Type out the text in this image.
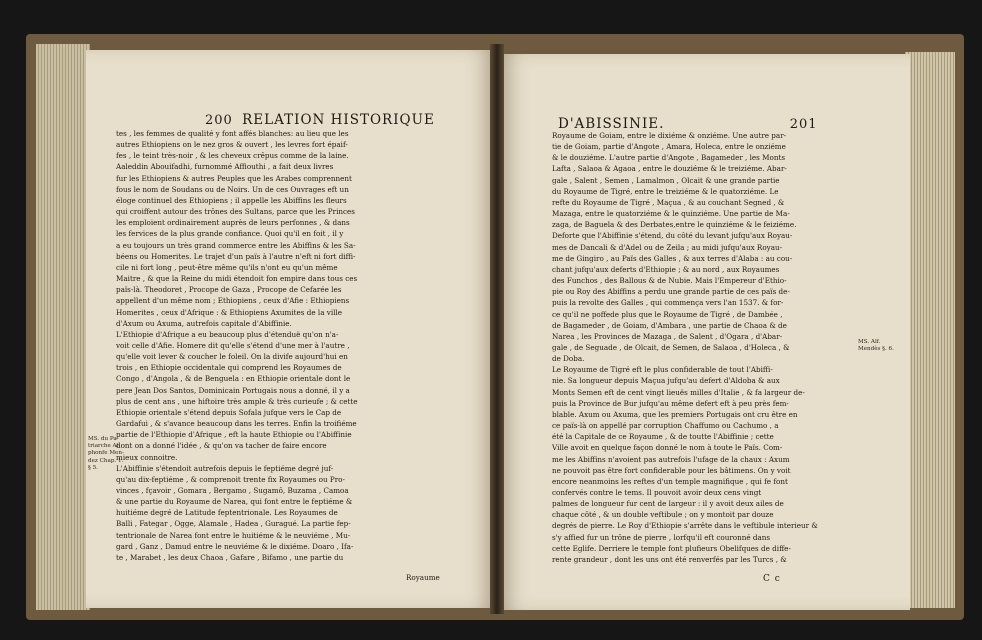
200 RELATION HISTORIQUE
tes , les femmes de qualité y font affés blanches: au lieu que les
autres Ethiopiens on le nez gros & ouvert , les levres fort épaif-
fes , le teint très-noir , & les cheveux crêpus comme de la laine.
Aaleddin Abouifadhi, furnommé Affiouthi , a fait deux livres
fur les Ethiopiens & autres Peuples que les Arabes comprennent
fous le nom de Soudans ou de Noirs. Un de ces Ouvrages eft un
éloge continuel des Ethiopiens ; il appelle les Abiffins les fleurs
qui croiffent autour des trônes des Sultans, parce que les Princes
les emploient ordinairement auprès de leurs perfonnes , & dans
les fervices de la plus grande confiance. Quoi qu'il en foit , il y
a eu toujours un très grand commerce entre les Abiffins & les Sa-
béens ou Homerites. Le trajet d'un païs à l'autre n'eft ni fort diffi-
cile ni fort long , peut-être même qu'ils n'ont eu qu'un même
Maitre , & que la Reine du midi étendoit fon empire dans tous ces
païs-là. Theodoret , Procope de Gaza , Procope de Cefarée les
appellent d'un même nom ; Ethiopiens , ceux d'Afie : Ethiopiens
Homerites , ceux d'Afrique : & Ethiopiens Axumites de la ville
d'Axum ou Axuma, autrefois capitale d'Abiffinie.
L'Ethiopie d'Afrique a eu beaucoup plus d'étenduë qu'on n'a-
voit celle d'Afie. Homere dit qu'elle s'étend d'une mer à l'autre ,
qu'elle voit lever & coucher le foleil. On la divife aujourd'hui en
trois , en Ethiopie occidentale qui comprend les Royaumes de
Congo , d'Angola , & de Benguela : en Ethiopie orientale dont le
pere Jean Dos Santos, Dominicain Portugais nous a donné, il y a
plus de cent ans , une hiftoire très ample & très curieufe ; & cette
Ethiopie orientale s'étend depuis Sofala jufque vers le Cap de
Gardafui , & s'avance beaucoup dans les terres. Enfin la troifiéme
partie de l'Ethiopie d'Afrique , eft la haute Ethiopie ou l'Abiffinie
dont on a donné l'idée , & qu'on va tacher de faire encore
mieux connoitre.
L'Abiffinie s'étendoit autrefois depuis le feptiéme degré juf-
qu'au dix-feptiéme , & comprenoit trente fix Royaumes ou Pro-
vinces , fçavoir , Gomara , Bergamo , Sugamô, Buzama , Camoa
& une partie du Royaume de Narea, qui font entre le feptiéme &
huitiéme degré de Latitude feptentrionale. Les Royaumes de
Balli , Fategar , Ogge, Alamale , Hadea , Guragué. La partie fep-
tentrionale de Narea font entre le huitiéme & le neuviéme , Mu-
gard , Ganz , Damud entre le neuviéme & le dixiéme. Doaro , Ifa-
te , Marabet , les deux Chaoa , Gafare , Bifamo , une partie du
MS. du Pa-
triarche Al-
phonfe Men-
dez Chap. 1.
§ 5.
Royaume
D'ABISSINIE.	201
Royaume de Goiam, entre le dixiéme & onziéme. Une autre par-
tie de Goiam, partie d'Angote , Amara, Holeca, entre le onziéme
& le douziéme. L'autre partie d'Angote , Bagameder , les Monts
Lafta , Salaoa & Agaoa , entre le douziéme & le treiziéme. Abar-
gale , Salent , Semen , Lamalmon , Olcait & une grande partie
du Royaume de Tigré, entre le treiziéme & le quatorziéme. Le
refte du Royaume de Tigré , Maçua , & au couchant Segned , &
Mazaga, entre le quatorziéme & le quinziéme. Une partie de Ma-
zaga, de Baguela & des Derbates,entre le quinziéme & le feiziéme.
Deforte que l'Abiffinie s'étend, du côté du levant jufqu'aux Royau-
mes de Dancali & d'Adel ou de Zeila ; au midi jufqu'aux Royau-
me de Gingiro , au Païs des Galles , & aux terres d'Alaba : au cou-
chant jufqu'aux deferts d'Ethiopie ; & au nord , aux Royaumes
des Funchos , des Ballous & de Nubie. Mais l'Empereur d'Ethio-
pie ou Roy des Abiffins a perdu une grande partie de ces païs de-
puis la revolte des Galles , qui commença vers l'an 1537. & for-
ce qu'il ne poffede plus que le Royaume de Tigré , de Dambée ,
de Bagameder , de Goiam, d'Ambara , une partie de Chaoa & de
Narea , les Provinces de Mazaga , de Salent , d'Ogara , d'Abar-
gale , de Seguade , de Olcait, de Semen, de Salaoa , d'Holeca , &
de Doba.
Le Royaume de Tigré eft le plus confiderable de tout l'Abiffi-
nie. Sa longueur depuis Maçua jufqu'au defert d'Aldoba & aux
Monts Semen eft de cent vingt lieuës milles d'Italie , & fa largeur de-
puis la Province de Bur jufqu'au même defert eft à peu près fem-
blable. Axum ou Axuma, que les premiers Portugais ont cru être en
ce païs-là on appellé par corruption Chaffumo ou Cachumo , a
été la Capitale de ce Royaume , & de toutte l'Abiffinie ; cette
Ville avoit en quelque façon donné le nom à toute le Païs. Com-
me les Abiffins n'avoient pas autrefois l'ufage de la chaux : Axum
ne pouvoit pas être fort confiderable pour les bâtimens. On y voit
encore neanmoins les reftes d'un temple magnifique , qui fe font
confervés contre le tems. Il pouvoit avoir deux cens vingt
palmes de longueur fur cent de largeur : il y avoit deux ailes de
chaque côté , & un double veftibule ; on y montoit par douze
degrés de pierre. Le Roy d'Ethiopie s'arrête dans le veftibule interieur &
s'y affied fur un trône de pierre , lorfqu'il eft couronné dans
cette Eglife. Derriere le temple font plufieurs Obelifques de diffe-
rente grandeur , dont les uns ont été renverfés par les Turcs , &
MS. Alf.
Mendès §. 6.
C c
